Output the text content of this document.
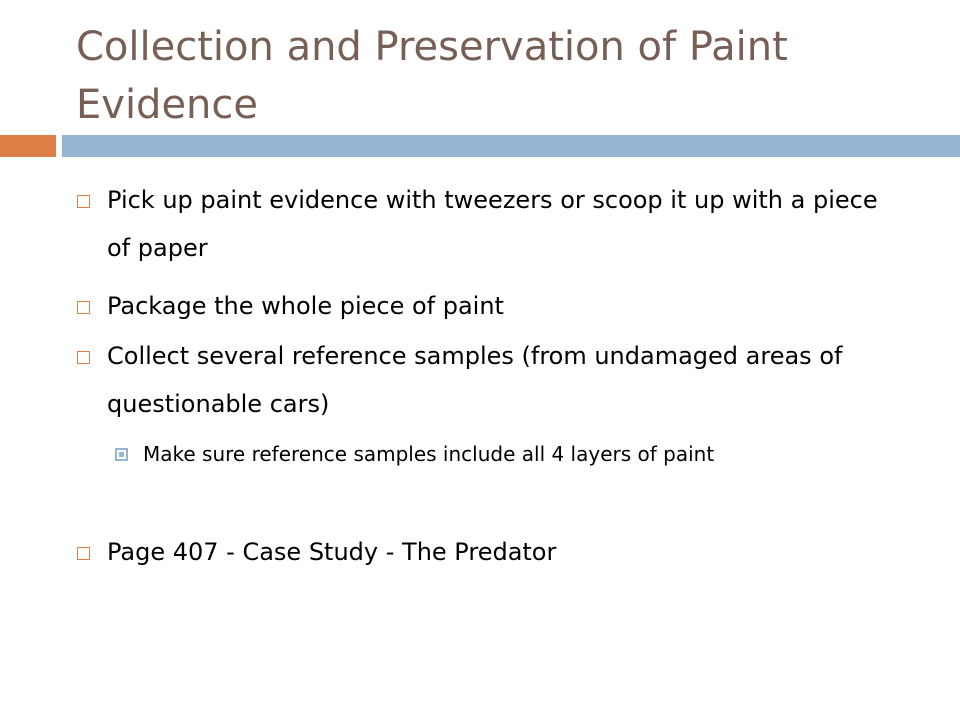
Collection and Preservation of Paint Evidence
Pick up paint evidence with tweezers or scoop it up with a piece of paper
Package the whole piece of paint
Collect several reference samples (from undamaged areas of questionable cars)
Make sure reference samples include all 4 layers of paint
Page 407 - Case Study - The Predator
